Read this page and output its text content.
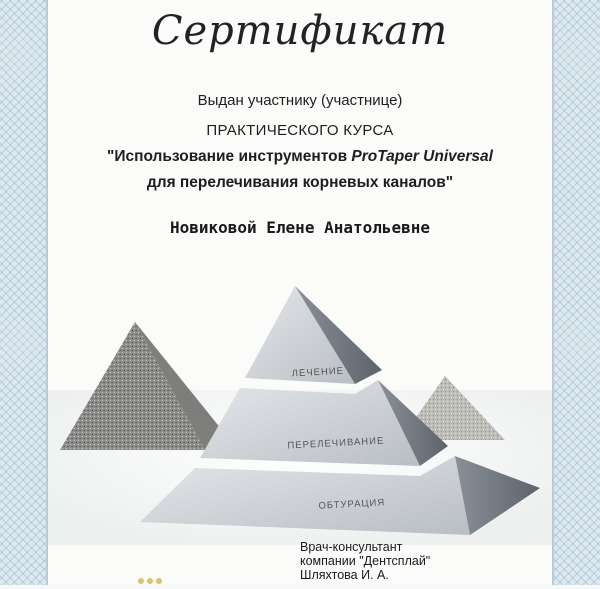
Сертификат
Выдан участнику (участнице)
ПРАКТИЧЕСКОГО КУРСА
"Использование инструментов ProTaper Universal
для перелечивания корневых каналов"
Новиковой Елене Анатольевне
ЛЕЧЕНИЕ
ПЕРЕЛЕЧИВАНИЕ
ОБТУРАЦИЯ
Врач-консультант
компании "Дентсплай"
Шляхтова И. А.
